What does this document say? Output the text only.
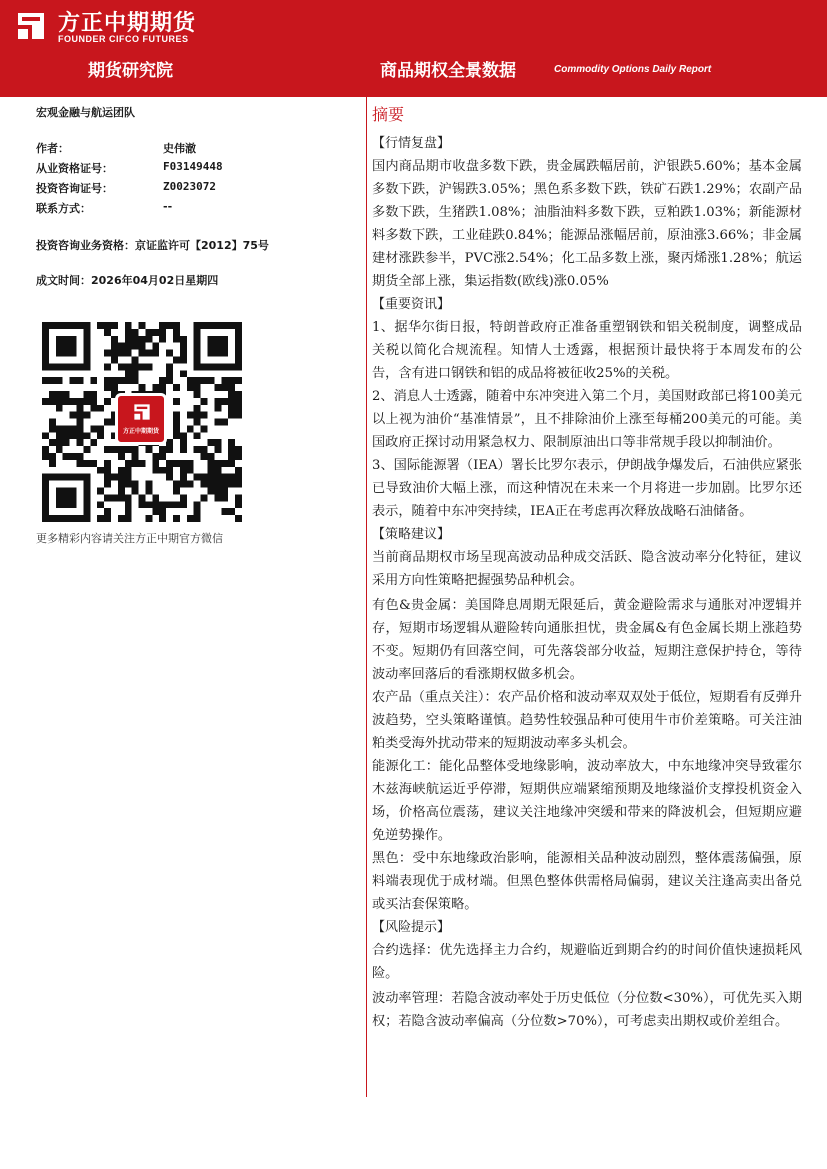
方正中期期货
FOUNDER CIFCO FUTURES
期货研究院	商品期权全景数据	Commodity Options Daily Report
宏观金融与航运团队
作者：	史伟澈
从业资格证号：	F03149448
投资咨询证号：	Z0023072
联系方式：	--
投资咨询业务资格：京证监许可【2012】75号
成文时间：2026年04月02日星期四
方正中期期货
更多精彩内容请关注方正中期官方微信
摘要
【行情复盘】

国内商品期市收盘多数下跌，贵金属跌幅居前，沪银跌5.60%；基本金属多数下跌，沪锡跌3.05%；黑色系多数下跌，铁矿石跌1.29%；农副产品多数下跌，生猪跌1.08%；油脂油料多数下跌，豆粕跌1.03%；新能源材料多数下跌，工业硅跌0.84%；能源品涨幅居前，原油涨3.66%；非金属建材涨跌参半，PVC涨2.54%；化工品多数上涨，聚丙烯涨1.28%；航运期货全部上涨，集运指数(欧线)涨0.05%

【重要资讯】

1、据华尔街日报，特朗普政府正准备重塑钢铁和铝关税制度，调整成品关税以简化合规流程。知情人士透露，根据预计最快将于本周发布的公告，含有进口钢铁和铝的成品将被征收25%的关税。

2、消息人士透露，随着中东冲突进入第二个月，美国财政部已将100美元以上视为油价“基准情景”，且不排除油价上涨至每桶200美元的可能。美国政府正探讨动用紧急权力、限制原油出口等非常规手段以抑制油价。

3、国际能源署（IEA）署长比罗尔表示，伊朗战争爆发后，石油供应紧张已导致油价大幅上涨，而这种情况在未来一个月将进一步加剧。比罗尔还表示，随着中东冲突持续，IEA正在考虑再次释放战略石油储备。

【策略建议】

当前商品期权市场呈现高波动品种成交活跃、隐含波动率分化特征，建议采用方向性策略把握强势品种机会。

有色&贵金属：美国降息周期无限延后，黄金避险需求与通胀对冲逻辑并存，短期市场逻辑从避险转向通胀担忧，贵金属&有色金属长期上涨趋势不变。短期仍有回落空间，可先落袋部分收益，短期注意保护持仓，等待波动率回落后的看涨期权做多机会。

农产品（重点关注）：农产品价格和波动率双双处于低位，短期看有反弹升波趋势，空头策略谨慎。趋势性较强品种可使用牛市价差策略。可关注油粕类受海外扰动带来的短期波动率多头机会。

能源化工：能化品整体受地缘影响，波动率放大，中东地缘冲突导致霍尔木兹海峡航运近乎停滞，短期供应端紧缩预期及地缘溢价支撑投机资金入场，价格高位震荡，建议关注地缘冲突缓和带来的降波机会，但短期应避免逆势操作。

黑色：受中东地缘政治影响，能源相关品种波动剧烈，整体震荡偏强，原料端表现优于成材端。但黑色整体供需格局偏弱，建议关注逢高卖出备兑或买沽套保策略。

【风险提示】

合约选择：优先选择主力合约，规避临近到期合约的时间价值快速损耗风险。

波动率管理：若隐含波动率处于历史低位（分位数<30%），可优先买入期权；若隐含波动率偏高（分位数>70%），可考虑卖出期权或价差组合。
